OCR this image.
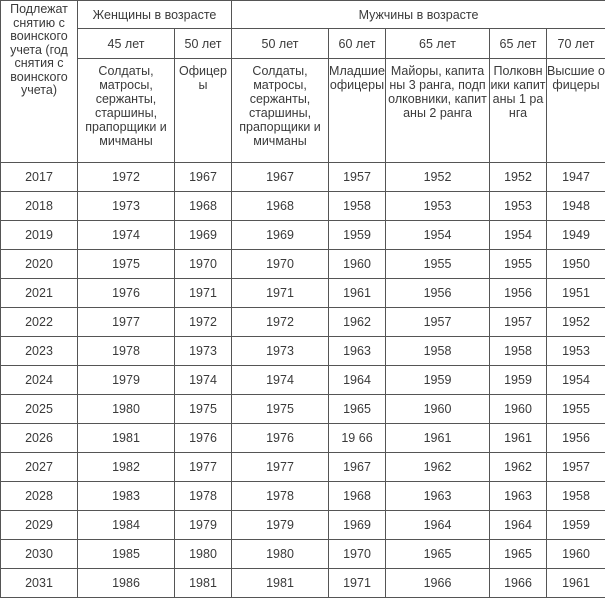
Подлежат снятию с воинского учета (год снятия с воинского учета)	Женщины в возрасте		Мужчины в возрасте				
	45 лет	50 лет	50 лет	60 лет	65 лет	65 лет	70 лет
	Солдаты, матросы, сержанты, старшины, прапорщики и мичманы	Офицеры	Солдаты, матросы, сержанты, старшины, прапорщики и мичманы	Младшие офицеры	Майоры, капитаны 3 ранга, подполковники, капитаны 2 ранга	Полковники капитаны 1 ранга	Высшие офицеры
2017	1972	1967	1967	1957	1952	1952	1947
2018	1973	1968	1968	1958	1953	1953	1948
2019	1974	1969	1969	1959	1954	1954	1949
2020	1975	1970	1970	1960	1955	1955	1950
2021	1976	1971	1971	1961	1956	1956	1951
2022	1977	1972	1972	1962	1957	1957	1952
2023	1978	1973	1973	1963	1958	1958	1953
2024	1979	1974	1974	1964	1959	1959	1954
2025	1980	1975	1975	1965	1960	1960	1955
2026	1981	1976	1976	19 66	1961	1961	1956
2027	1982	1977	1977	1967	1962	1962	1957
2028	1983	1978	1978	1968	1963	1963	1958
2029	1984	1979	1979	1969	1964	1964	1959
2030	1985	1980	1980	1970	1965	1965	1960
2031	1986	1981	1981	1971	1966	1966	1961
